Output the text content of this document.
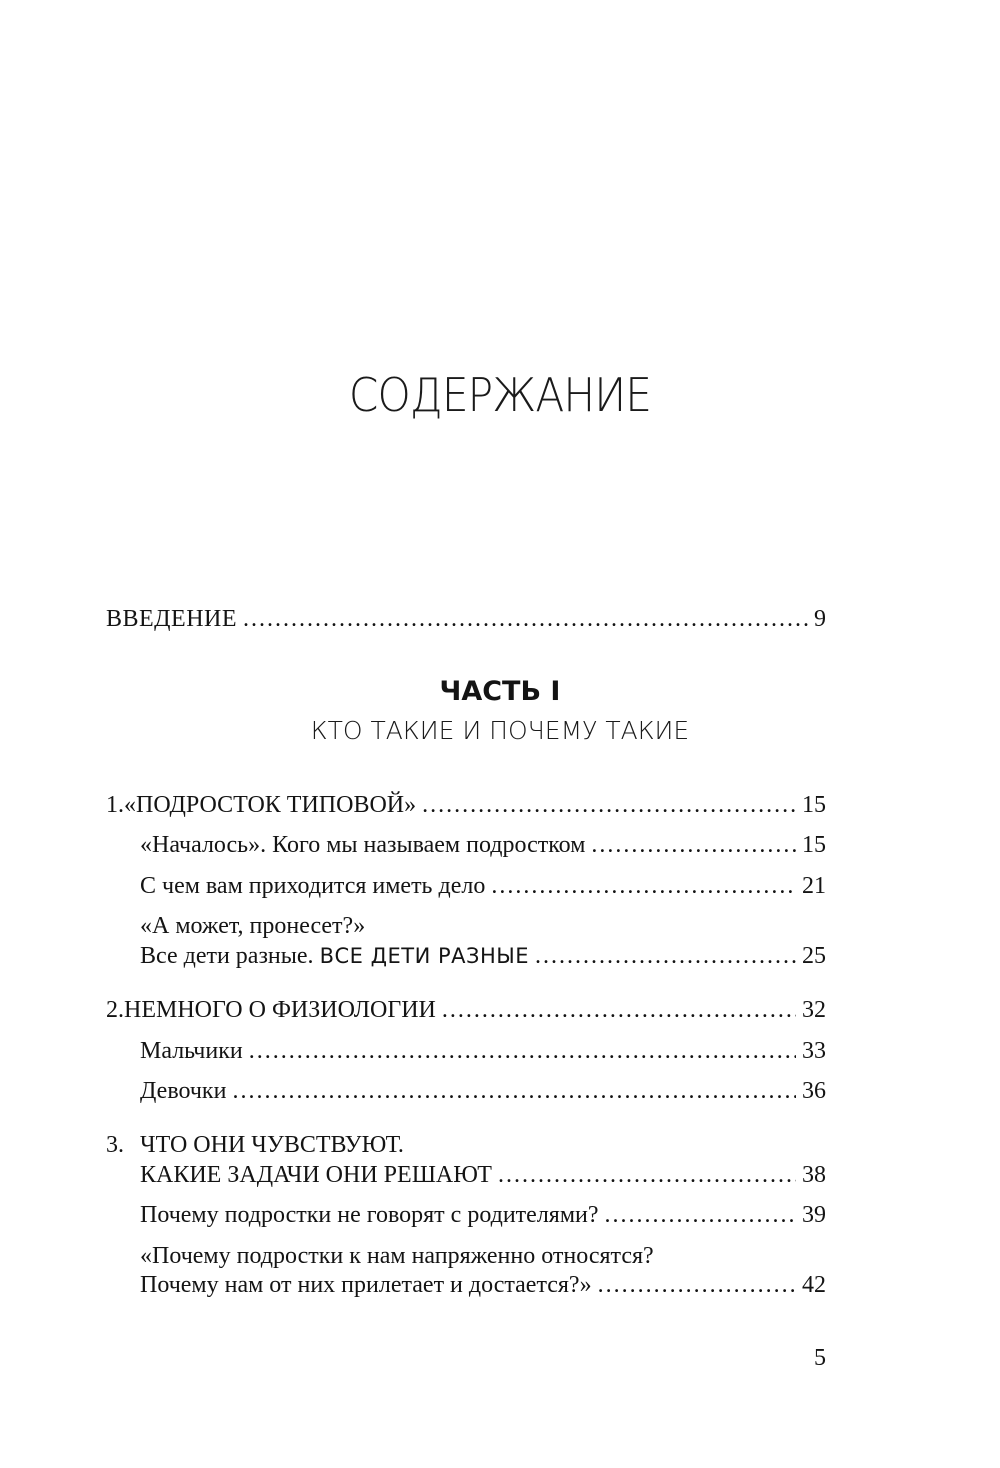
СОДЕРЖАНИЕ
ВВЕДЕНИЕ . . .	9
ЧАСТЬ I
КТО ТАКИЕ И ПОЧЕМУ ТАКИЕ
1. «ПОДРОСТОК ТИПОВОЙ» . . .	15
«Началось». Кого мы называем подростком . . .	15
С чем вам приходится иметь дело . . .	21
«А может, пронесет?»
Все дети разные. ВСЕ ДЕТИ РАЗНЫЕ . . .	25
2. НЕМНОГО О ФИЗИОЛОГИИ . . .	32
Мальчики . . .	33
Девочки . . .	36
3. ЧТО ОНИ ЧУВСТВУЮТ.
КАКИЕ ЗАДАЧИ ОНИ РЕШАЮТ . . .	38
Почему подростки не говорят с родителями? . . .	39
«Почему подростки к нам напряженно относятся?
Почему нам от них прилетает и достается?» . . .	42
5
